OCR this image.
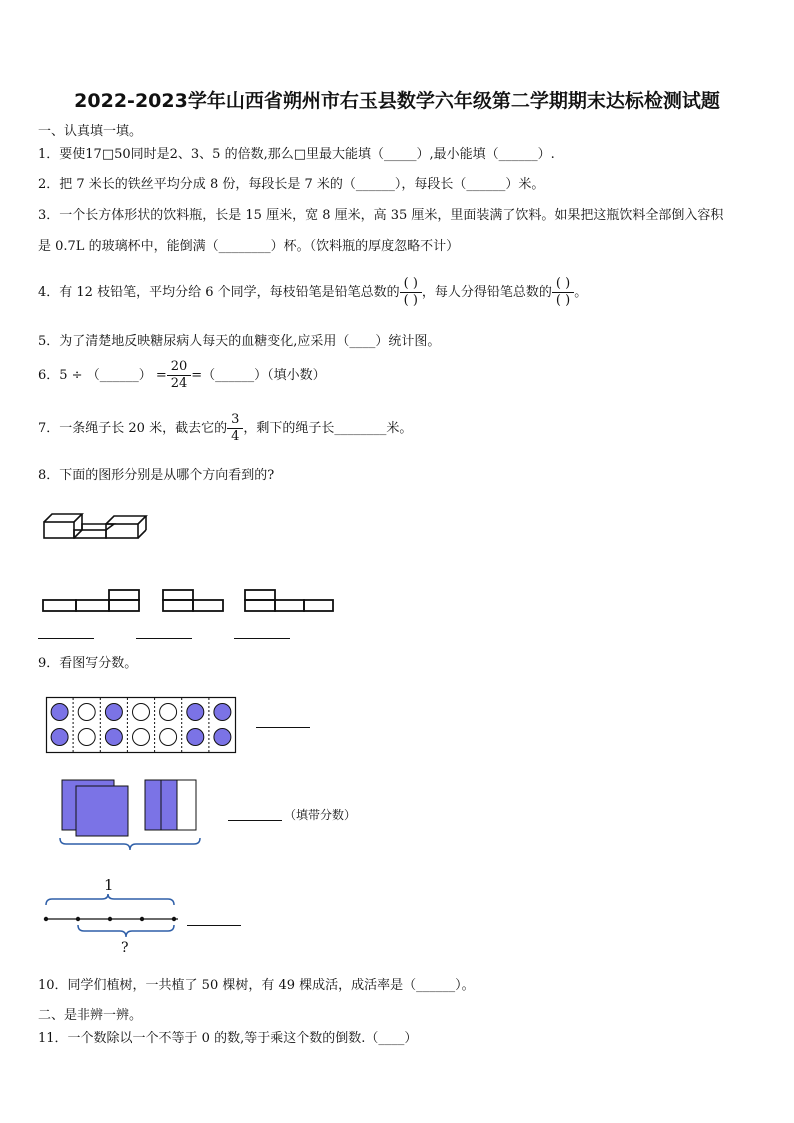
2022-2023学年山西省朔州市右玉县数学六年级第二学期期末达标检测试题
一、认真填一填。
1．要使17□50同时是2、3、5 的倍数,那么□里最大能填（_____）,最小能填（______）.
2．把 7 米长的铁丝平均分成 8 份，每段长是 7 米的（______），每段长（______）米。
3．一个长方体形状的饮料瓶，长是 15 厘米，宽 8 厘米，高 35 厘米，里面装满了饮料。如果把这瓶饮料全部倒入容积
是 0.7L 的玻璃杯中，能倒满（________）杯。（饮料瓶的厚度忽略不计）
4．有 12 枝铅笔，平均分给 6 个同学，每枝铅笔是铅笔总数的 $\frac{( )}{( )}$ ，每人分得铅笔总数的 $\frac{( )}{( )}$ 。
5．为了清楚地反映糖尿病人每天的血糖变化,应采用（____）统计图。
6．5 ÷ （______） = $\frac{20}{24}$ =（______）（填小数）
7．一条绳子长 20 米，截去它的 $\frac{3}{4}$ ，剩下的绳子长________米。
8．下面的图形分别是从哪个方向看到的?
9．看图写分数。
（填带分数）
1
?
10．同学们植树，一共植了 50 棵树，有 49 棵成活，成活率是（______）。
二、是非辨一辨。
11．一个数除以一个不等于 0 的数,等于乘这个数的倒数.（____）
